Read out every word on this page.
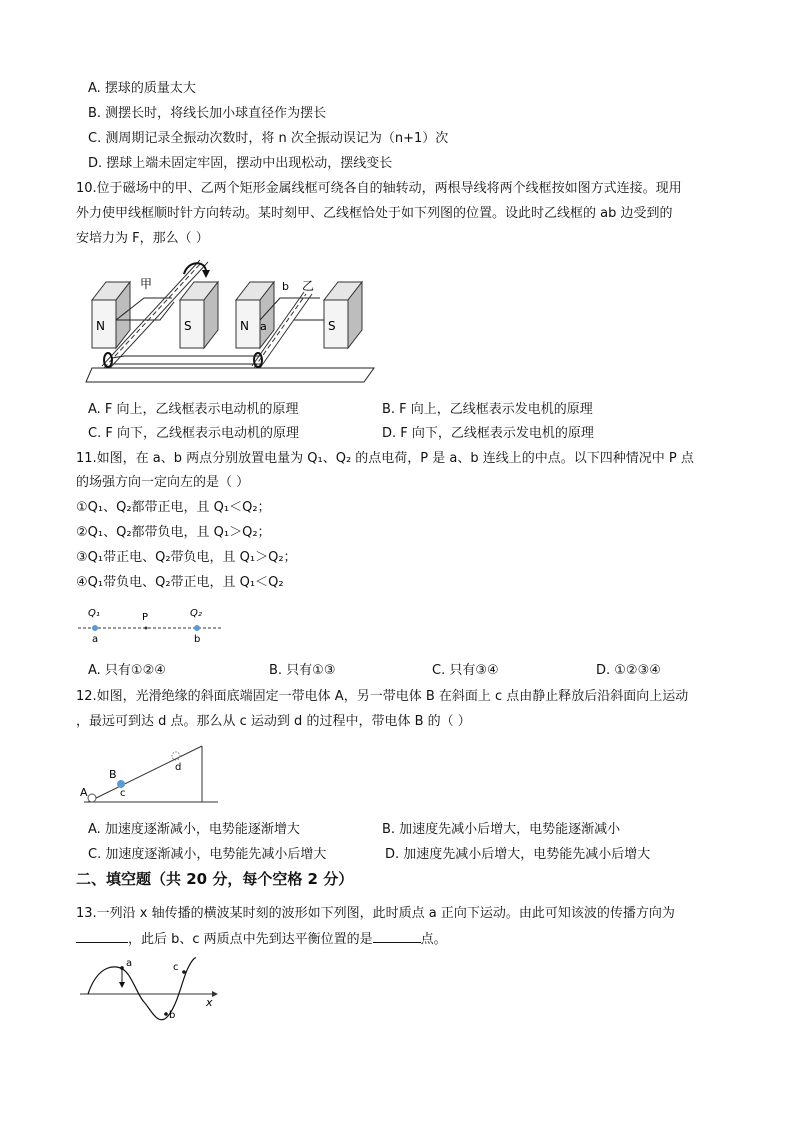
A. 摆球的质量太大
B. 测摆长时，将线长加小球直径作为摆长
C. 测周期记录全振动次数时，将 n 次全振动误记为（n+1）次
D. 摆球上端未固定牢固，摆动中出现松动，摆线变长
10.位于磁场中的甲、乙两个矩形金属线框可绕各自的轴转动，两根导线将两个线框按如图方式连接。现用
外力使甲线框顺时针方向转动。某时刻甲、乙线框恰处于如下列图的位置。设此时乙线框的 ab 边受到的
安培力为 F，那么（ ）
N	S
甲
N	S
b 乙
a
A. F 向上，乙线框表示电动机的原理	B. F 向上，乙线框表示发电机的原理
C. F 向下，乙线框表示电动机的原理	D. F 向下，乙线框表示发电机的原理
11.如图，在 a、b 两点分别放置电量为 Q₁、Q₂ 的点电荷，P 是 a、b 连线上的中点。以下四种情况中 P 点
的场强方向一定向左的是（ ）
①Q₁、Q₂都带正电，且 Q₁＜Q₂；
②Q₁、Q₂都带负电，且 Q₁＞Q₂；
③Q₁带正电、Q₂带负电，且 Q₁＞Q₂；
④Q₁带负电、Q₂带正电，且 Q₁＜Q₂
Q₁	P	Q₂
a	b
A. 只有①②④	B. 只有①③	C. 只有③④	D. ①②③④
12.如图，光滑绝缘的斜面底端固定一带电体 A，另一带电体 B 在斜面上 c 点由静止释放后沿斜面向上运动
，最远可到达 d 点。那么从 c 运动到 d 的过程中，带电体 B 的（ ）
A
B
c
d
A. 加速度逐渐减小，电势能逐渐增大	B. 加速度先减小后增大，电势能逐渐减小
C. 加速度逐渐减小，电势能先减小后增大	D. 加速度先减小后增大，电势能先减小后增大
二、填空题（共 20 分，每个空格 2 分）
13.一列沿 x 轴传播的横波某时刻的波形如下列图，此时质点 a 正向下运动。由此可知该波的传播方向为
，此后 b、c 两质点中先到达平衡位置的是	点。
x
a
b
c
